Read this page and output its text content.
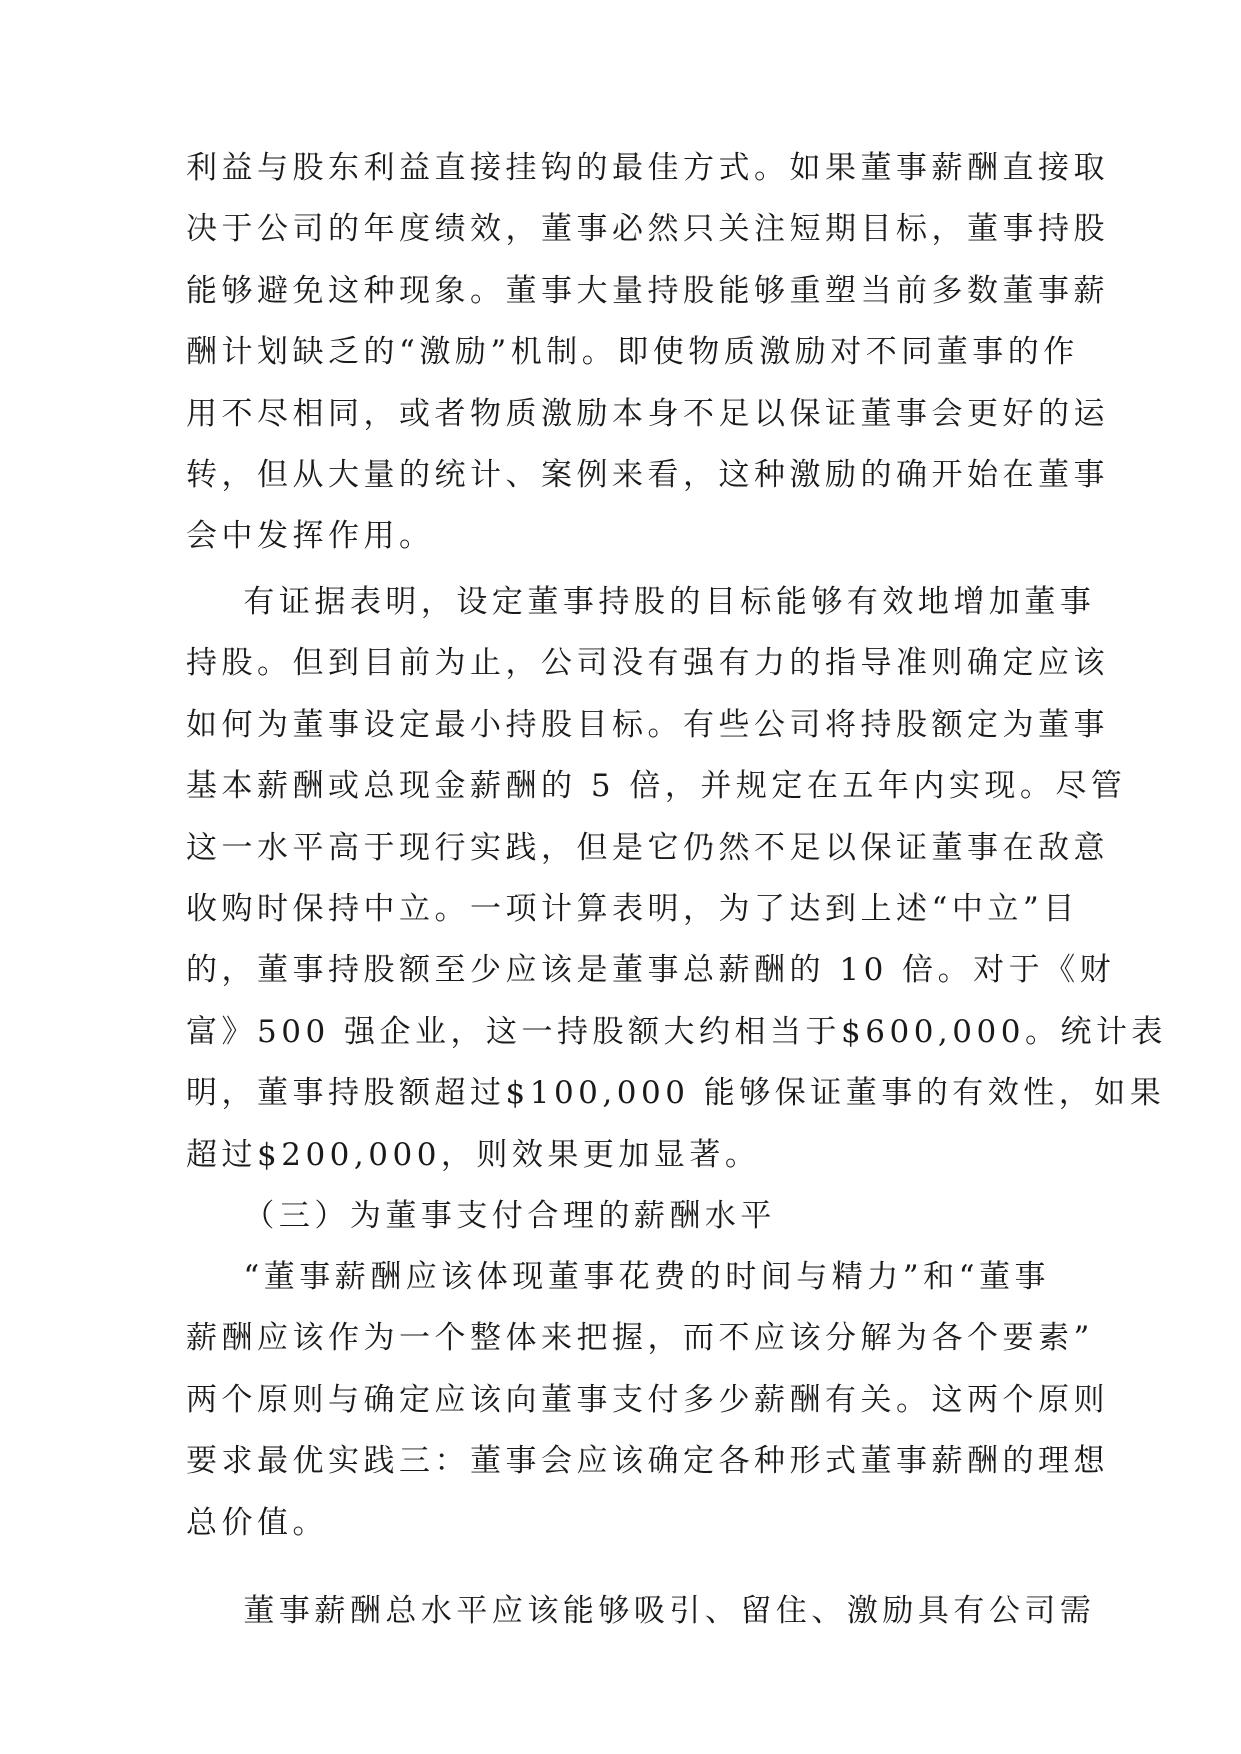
利益与股东利益直接挂钩的最佳方式。如果董事薪酬直接取
决于公司的年度绩效，董事必然只关注短期目标，董事持股
能够避免这种现象。董事大量持股能够重塑当前多数董事薪
酬计划缺乏的“激励”机制。即使物质激励对不同董事的作
用不尽相同，或者物质激励本身不足以保证董事会更好的运
转，但从大量的统计、案例来看，这种激励的确开始在董事
会中发挥作用。

有证据表明，设定董事持股的目标能够有效地增加董事
持股。但到目前为止，公司没有强有力的指导准则确定应该
如何为董事设定最小持股目标。有些公司将持股额定为董事
基本薪酬或总现金薪酬的 5 倍，并规定在五年内实现。尽管
这一水平高于现行实践，但是它仍然不足以保证董事在敌意
收购时保持中立。一项计算表明，为了达到上述“中立”目
的，董事持股额至少应该是董事总薪酬的 10 倍。对于《财
富》500 强企业，这一持股额大约相当于$600,000。统计表
明，董事持股额超过$100,000 能够保证董事的有效性，如果
超过$200,000，则效果更加显著。

（三）为董事支付合理的薪酬水平

“董事薪酬应该体现董事花费的时间与精力”和“董事
薪酬应该作为一个整体来把握，而不应该分解为各个要素”
两个原则与确定应该向董事支付多少薪酬有关。这两个原则
要求最优实践三：董事会应该确定各种形式董事薪酬的理想
总价值。

董事薪酬总水平应该能够吸引、留住、激励具有公司需
